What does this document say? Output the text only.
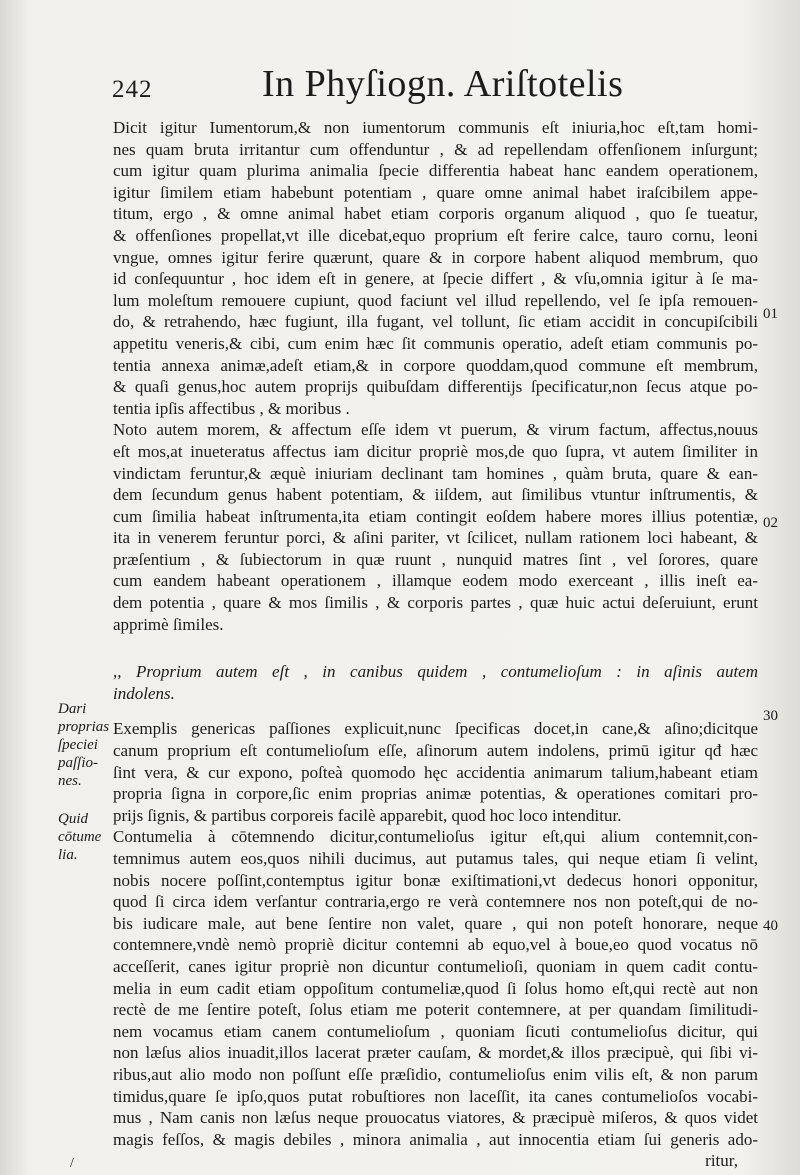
242	In Phyſiogn. Ariſtotelis
Dicit igitur Iumentorum,& non iumentorum communis eſt iniuria,hoc eſt,tam homi-
nes quam bruta irritantur cum offenduntur , & ad repellendam offenſionem inſurgunt;
cum igitur quam plurima animalia ſpecie differentia habeat hanc eandem operationem,
igitur ſimilem etiam habebunt potentiam , quare omne animal habet iraſcibilem appe-
titum, ergo , & omne animal habet etiam corporis organum aliquod , quo ſe tueatur,
& offenſiones propellat,vt ille dicebat,equo proprium eſt ferire calce, tauro cornu, leoni
vngue, omnes igitur ferire quærunt, quare & in corpore habent aliquod membrum, quo
id conſequuntur , hoc idem eſt in genere, at ſpecie differt , & vſu,omnia igitur à ſe ma-
lum moleſtum remouere cupiunt, quod faciunt vel illud repellendo, vel ſe ipſa remouen-
do, & retrahendo, hæc fugiunt, illa fugant, vel tollunt, ſic etiam accidit in concupiſcibili
appetitu veneris,& cibi, cum enim hæc ſit communis operatio, adeſt etiam communis po-
tentia annexa animæ,adeſt etiam,& in corpore quoddam,quod commune eſt membrum,
& quaſi genus,hoc autem proprijs quibuſdam differentijs ſpecificatur,non ſecus atque po-
tentia ipſis affectibus , & moribus .
Noto autem morem, & affectum eſſe idem vt puerum, & virum factum, affectus,nouus
eſt mos,at inueteratus affectus iam dicitur propriè mos,de quo ſupra, vt autem ſimiliter in
vindictam feruntur,& æquè iniuriam declinant tam homines , quàm bruta, quare & ean-
dem ſecundum genus habent potentiam, & iiſdem, aut ſimilibus vtuntur inſtrumentis, &
cum ſimilia habeat inſtrumenta,ita etiam contingit eoſdem habere mores illius potentiæ,
ita in venerem feruntur porci, & aſini pariter, vt ſcilicet, nullam rationem loci habeant, &
præſentium , & ſubiectorum in quæ ruunt , nunquid matres ſint , vel ſorores, quare
cum eandem habeant operationem , illamque eodem modo exerceant , illis ineſt ea-
dem potentia , quare & mos ſimilis , & corporis partes , quæ huic actui deſeruiunt, erunt
apprimè ſimiles.
,, Proprium autem eſt , in canibus quidem , contumelioſum : in aſinis autem
indolens.
Exemplis genericas paſſiones explicuit,nunc ſpecificas docet,in cane,& aſino;dicitque
canum proprium eſt contumelioſum eſſe, aſinorum autem indolens, primū igitur qđ hæc
ſint vera, & cur expono, poſteà quomodo hęc accidentia animarum talium,habeant etiam
propria ſigna in corpore,ſic enim proprias animæ potentias, & operationes comitari pro-
prijs ſignis, & partibus corporeis facilè apparebit, quod hoc loco intenditur.
Contumelia à cōtemnendo dicitur,contumelioſus igitur eſt,qui alium contemnit,con-
temnimus autem eos,quos nihili ducimus, aut putamus tales, qui neque etiam ſi velint,
nobis nocere poſſint,contemptus igitur bonæ exiſtimationi,vt dedecus honori opponitur,
quod ſi circa idem verſantur contraria,ergo re verà contemnere nos non poteſt,qui de no-
bis iudicare male, aut bene ſentire non valet, quare , qui non poteſt honorare, neque
contemnere,vndè nemò propriè dicitur contemni ab equo,vel à boue,eo quod vocatus nō
acceſſerit, canes igitur propriè non dicuntur contumelioſi, quoniam in quem cadit contu-
melia in eum cadit etiam oppoſitum contumeliæ,quod ſi ſolus homo eſt,qui rectè aut non
rectè de me ſentire poteſt, ſolus etiam me poterit contemnere, at per quandam ſimilitudi-
nem vocamus etiam canem contumelioſum , quoniam ſicuti contumelioſus dicitur, qui
non læſus alios inuadit,illos lacerat præter cauſam, & mordet,& illos præcipuè, qui ſibi vi-
ribus,aut alio modo non poſſunt eſſe præſidio, contumelioſus enim vilis eſt, & non parum
timidus,quare ſe ipſo,quos putat robuſtiores non laceſſit, ita canes contumelioſos vocabi-
mus , Nam canis non læſus neque prouocatus viatores, & præcipuè miſeros, & quos videt
magis feſſos, & magis debiles , minora animalia , aut innocentia etiam ſui generis ado-
ritur,
Dari
proprias
ſpeciei
paſſio-
nes.
Quid
cōtume
lia.
01
02
30
40
/
